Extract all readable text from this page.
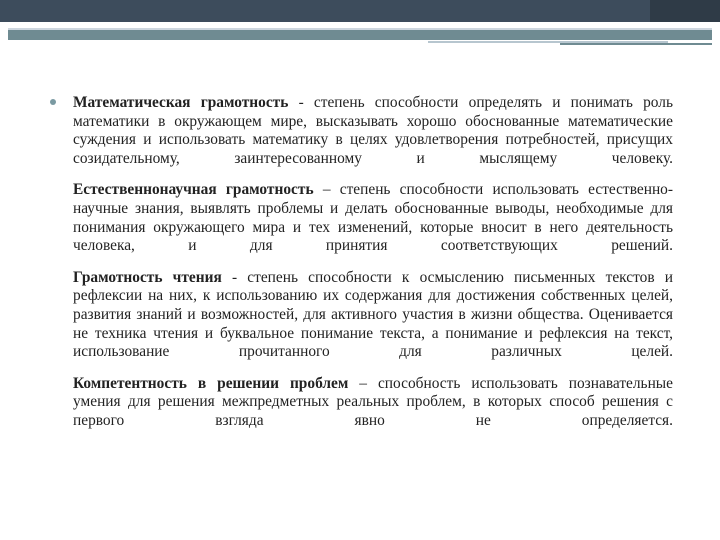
Математическая грамотность - степень способности определять и понимать роль математики в окружающем мире, высказывать хорошо обоснованные математические суждения и использовать математику в целях удовлетворения потребностей, присущих созидательному, заинтересованному и мыслящему человеку.

Естественнонаучная грамотность – степень способности использовать естественно-научные знания, выявлять проблемы и делать обоснованные выводы, необходимые для понимания окружающего мира и тех изменений, которые вносит в него деятельность человека, и для принятия соответствующих решений.

Грамотность чтения - степень способности к осмыслению письменных текстов и рефлексии на них, к использованию их содержания для достижения собственных целей, развития знаний и возможностей, для активного участия в жизни общества. Оценивается не техника чтения и буквальное понимание текста, а понимание и рефлексия на текст, использование прочитанного для различных целей.

Компетентность в решении проблем – способность использовать познавательные умения для решения межпредметных реальных проблем, в которых способ решения с первого взгляда явно не определяется.
